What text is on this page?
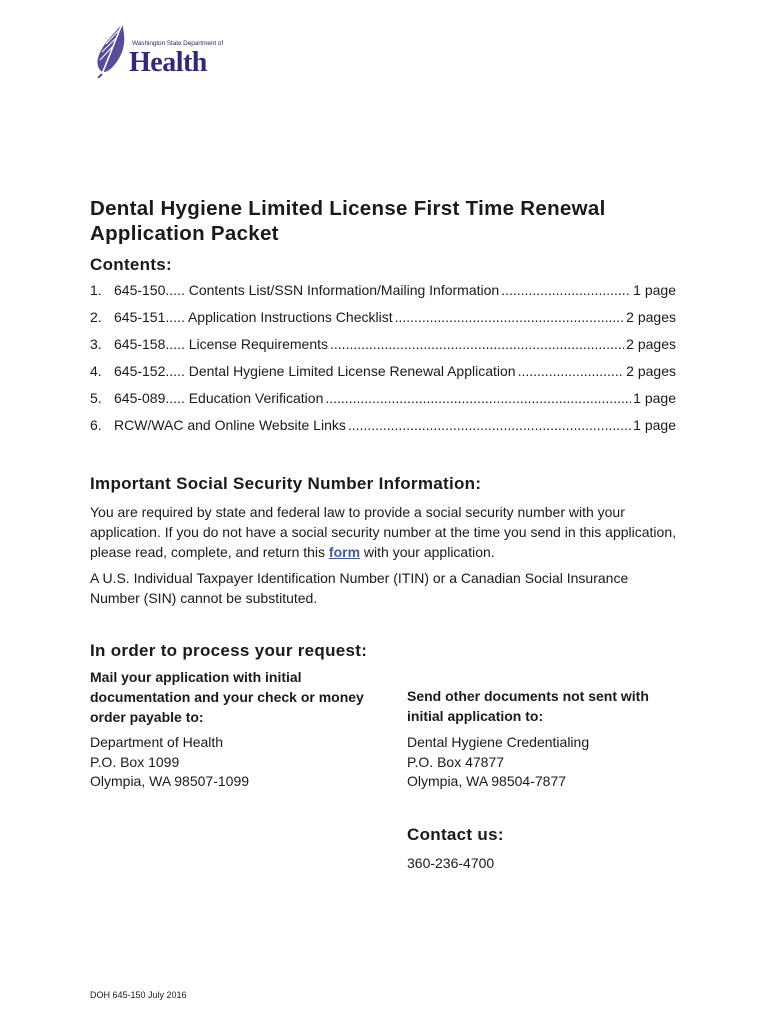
Washington State Department of
Health
Dental Hygiene Limited License First Time Renewal Application Packet
Contents:
1. 645-150..... Contents List/SSN Information/Mailing Information .....	1 page
2. 645-151..... Application Instructions Checklist .....	2 pages
3. 645-158..... License Requirements .....	2 pages
4. 645-152..... Dental Hygiene Limited License Renewal Application .....	2 pages
5. 645-089..... Education Verification .....	1 page
6. RCW/WAC and Online Website Links .....	1 page
Important Social Security Number Information:
You are required by state and federal law to provide a social security number with your application. If you do not have a social security number at the time you send in this application, please read, complete, and return this form with your application.
A U.S. Individual Taxpayer Identification Number (ITIN) or a Canadian Social Insurance Number (SIN) cannot be substituted.
In order to process your request:
Mail your application with initial documentation and your check or money order payable to:
Send other documents not sent with initial application to:
Department of Health
P.O. Box 1099
Olympia, WA 98507-1099
Dental Hygiene Credentialing
P.O. Box 47877
Olympia, WA 98504-7877
Contact us:
360-236-4700
DOH 645-150 July 2016
